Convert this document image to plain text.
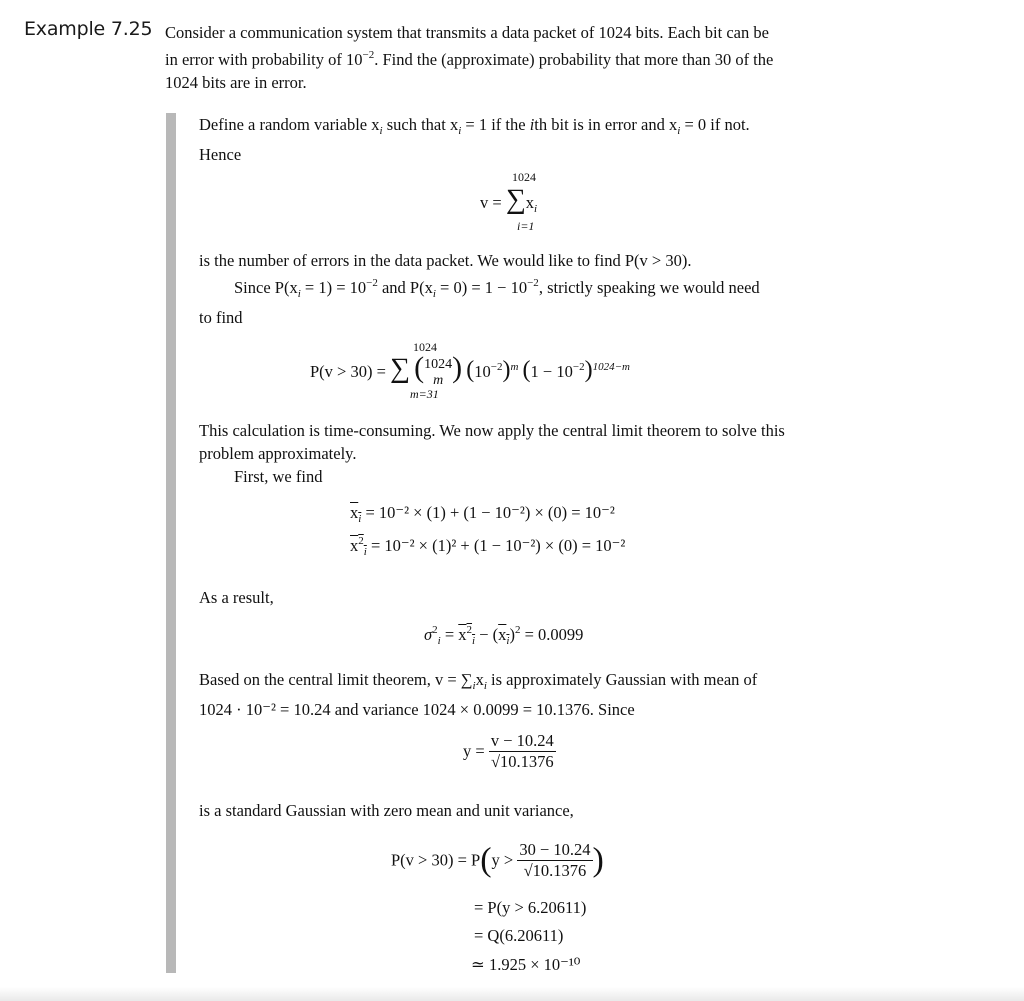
Example 7.25 Consider a communication system that transmits a data packet of 1024 bits. Each bit can be
in error with probability of $10^{-2}$. Find the (approximate) probability that more than 30 of the
1024 bits are in error.
Define a random variable $x_i$ such that $x_i = 1$ if the ith bit is in error and $x_i = 0$ if not.
Hence
1024
$v = \sum x_i$
i=1
is the number of errors in the data packet. We would like to find P(v > 30).
Since $P(x_i = 1) = 10^{-2}$ and $P(x_i = 0) = 1 - 10^{-2}$, strictly speaking we would need
to find
1024
P(v > 30) = ∑ ( 1024
m ) $(10^{-2})^m$ $(1 - 10^{-2})^{1024-m}$
m=31
This calculation is time-consuming. We now apply the central limit theorem to solve this
problem approximately.
First, we find
$x_i = 10^{-2} \times (1) + (1 - 10^{-2}) \times (0) = 10^{-2}$
$x^2_i = 10^{-2} \times (1)^2 + (1 - 10^{-2}) \times (0) = 10^{-2}$
As a result,
$\sigma^2_i = x^2_i - (x_i)^2 = 0.0099$
Based on the central limit theorem, $v = \sum_ix_i$ is approximately Gaussian with mean of
1024 · 10⁻² = 10.24 and variance 1024 × 0.0099 = 10.1376. Since
$y = \frac{v - 10.24}{√10.1376}$
is a standard Gaussian with zero mean and unit variance,
$P(v > 30) = P(y > \frac{30 - 10.24}{√10.1376}$ )
= P(y > 6.20611)
= Q(6.20611)
≃ 1.925 × 10⁻¹⁰
